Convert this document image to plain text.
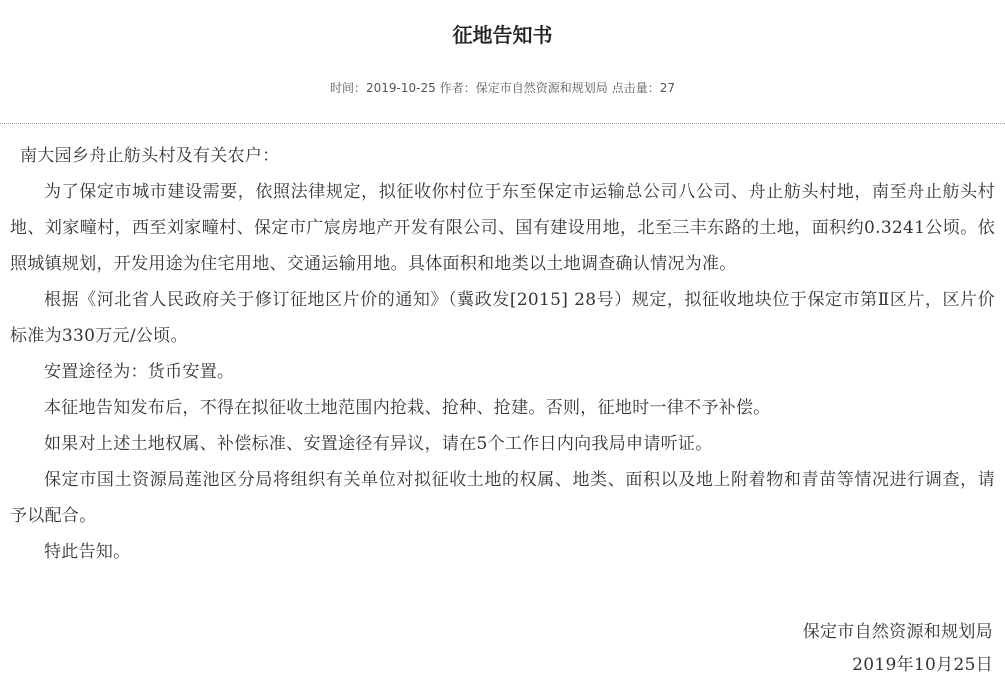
征地告知书
时间：2019-10-25 作者：保定市自然资源和规划局 点击量：27

南大园乡舟止舫头村及有关农户：

为了保定市城市建设需要，依照法律规定，拟征收你村位于东至保定市运输总公司八公司、舟止舫头村地，南至舟止舫头村地、刘家疃村，西至刘家疃村、保定市广宸房地产开发有限公司、国有建设用地，北至三丰东路的土地，面积约0.3241公顷。依照城镇规划，开发用途为住宅用地、交通运输用地。具体面积和地类以土地调查确认情况为准。

根据《河北省人民政府关于修订征地区片价的通知》（冀政发[2015] 28号）规定，拟征收地块位于保定市第Ⅱ区片，区片价标准为330万元/公顷。

安置途径为：货币安置。

本征地告知发布后，不得在拟征收土地范围内抢栽、抢种、抢建。否则，征地时一律不予补偿。

如果对上述土地权属、补偿标准、安置途径有异议，请在5个工作日内向我局申请听证。

保定市国土资源局莲池区分局将组织有关单位对拟征收土地的权属、地类、面积以及地上附着物和青苗等情况进行调查，请予以配合。

特此告知。

保定市自然资源和规划局
2019年10月25日
